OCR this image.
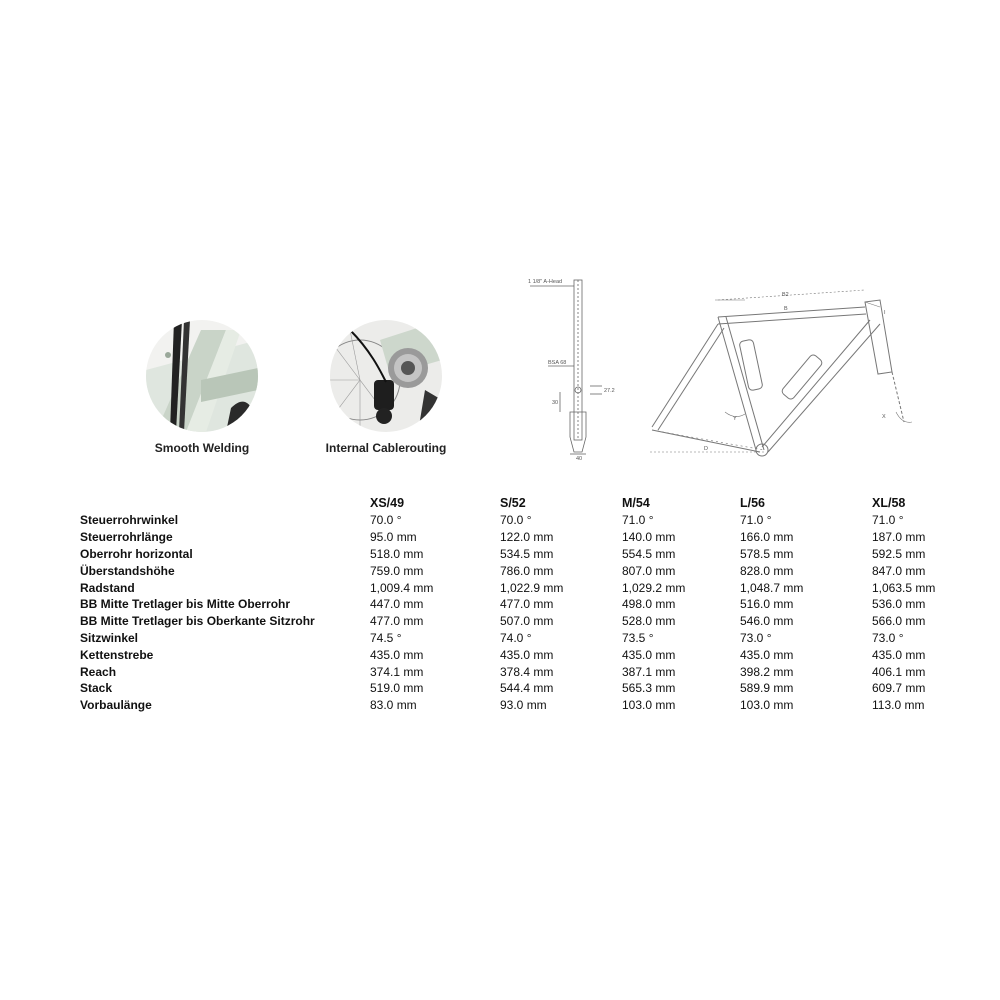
Smooth Welding	Internal Cablerouting
1 1/8" A-Head
BSA 68
30
27.2
40
B2
B
I
Y
D
X
	XS/49	S/52	M/54	L/56	XL/58
Steuerrohrwinkel	70.0 °	70.0 °	71.0 °	71.0 °	71.0 °
Steuerrohrlänge	95.0 mm	122.0 mm	140.0 mm	166.0 mm	187.0 mm
Oberrohr horizontal	518.0 mm	534.5 mm	554.5 mm	578.5 mm	592.5 mm
Überstandshöhe	759.0 mm	786.0 mm	807.0 mm	828.0 mm	847.0 mm
Radstand	1,009.4 mm	1,022.9 mm	1,029.2 mm	1,048.7 mm	1,063.5 mm
BB Mitte Tretlager bis Mitte Oberrohr	447.0 mm	477.0 mm	498.0 mm	516.0 mm	536.0 mm
BB Mitte Tretlager bis Oberkante Sitzrohr	477.0 mm	507.0 mm	528.0 mm	546.0 mm	566.0 mm
Sitzwinkel	74.5 °	74.0 °	73.5 °	73.0 °	73.0 °
Kettenstrebe	435.0 mm	435.0 mm	435.0 mm	435.0 mm	435.0 mm
Reach	374.1 mm	378.4 mm	387.1 mm	398.2 mm	406.1 mm
Stack	519.0 mm	544.4 mm	565.3 mm	589.9 mm	609.7 mm
Vorbaulänge	83.0 mm	93.0 mm	103.0 mm	103.0 mm	113.0 mm
